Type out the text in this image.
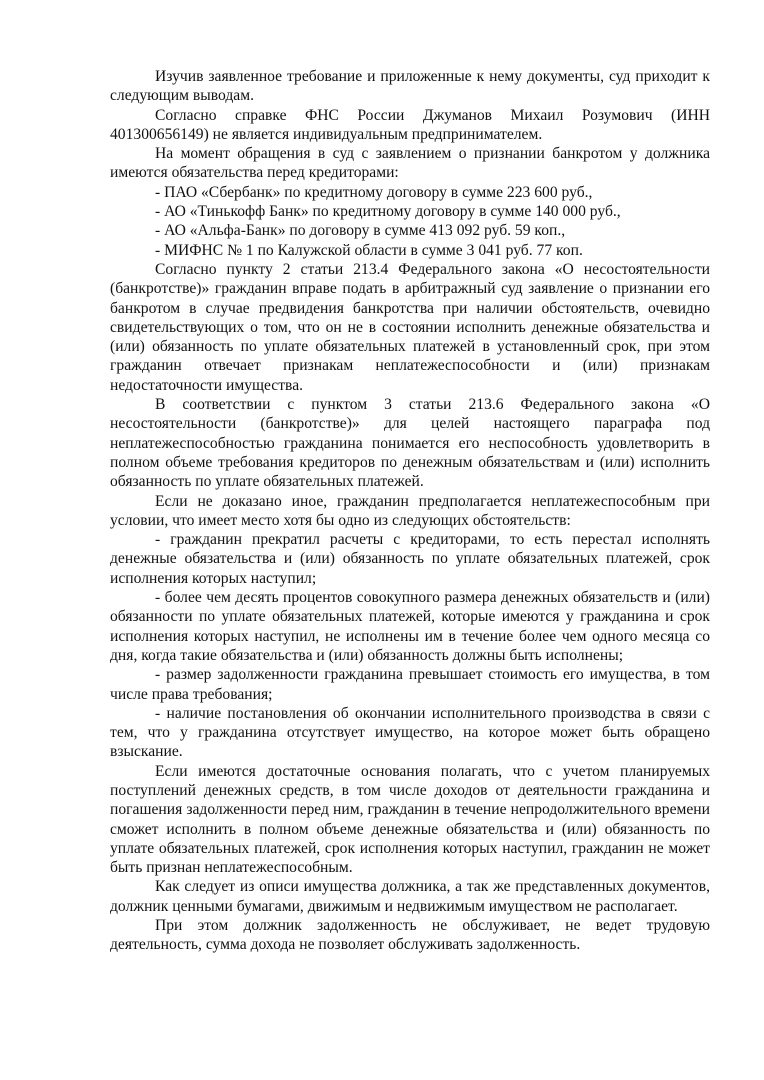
Изучив заявленное требование и приложенные к нему документы, суд приходит к следующим выводам.

Согласно справке ФНС России Джуманов Михаил Розумович (ИНН 401300656149) не является индивидуальным предпринимателем.

На момент обращения в суд с заявлением о признании банкротом у должника имеются обязательства перед кредиторами:

- ПАО «Сбербанк» по кредитному договору в сумме 223 600 руб.,

- АО «Тинькофф Банк» по кредитному договору в сумме 140 000 руб.,

- АО «Альфа-Банк» по договору в сумме 413 092 руб. 59 коп.,

- МИФНС № 1 по Калужской области в сумме 3 041 руб. 77 коп.

Согласно пункту 2 статьи 213.4 Федерального закона «О несостоятельности (банкротстве)» гражданин вправе подать в арбитражный суд заявление о признании его банкротом в случае предвидения банкротства при наличии обстоятельств, очевидно свидетельствующих о том, что он не в состоянии исполнить денежные обязательства и (или) обязанность по уплате обязательных платежей в установленный срок, при этом гражданин отвечает признакам неплатежеспособности и (или) признакам недостаточности имущества.

В соответствии с пунктом 3 статьи 213.6 Федерального закона «О несостоятельности (банкротстве)» для целей настоящего параграфа под неплатежеспособностью гражданина понимается его неспособность удовлетворить в полном объеме требования кредиторов по денежным обязательствам и (или) исполнить обязанность по уплате обязательных платежей.

Если не доказано иное, гражданин предполагается неплатежеспособным при условии, что имеет место хотя бы одно из следующих обстоятельств:

- гражданин прекратил расчеты с кредиторами, то есть перестал исполнять денежные обязательства и (или) обязанность по уплате обязательных платежей, срок исполнения которых наступил;

- более чем десять процентов совокупного размера денежных обязательств и (или) обязанности по уплате обязательных платежей, которые имеются у гражданина и срок исполнения которых наступил, не исполнены им в течение более чем одного месяца со дня, когда такие обязательства и (или) обязанность должны быть исполнены;

- размер задолженности гражданина превышает стоимость его имущества, в том числе права требования;

- наличие постановления об окончании исполнительного производства в связи с тем, что у гражданина отсутствует имущество, на которое может быть обращено взыскание.

Если имеются достаточные основания полагать, что с учетом планируемых поступлений денежных средств, в том числе доходов от деятельности гражданина и погашения задолженности перед ним, гражданин в течение непродолжительного времени сможет исполнить в полном объеме денежные обязательства и (или) обязанность по уплате обязательных платежей, срок исполнения которых наступил, гражданин не может быть признан неплатежеспособным.

Как следует из описи имущества должника, а так же представленных документов, должник ценными бумагами, движимым и недвижимым имуществом не располагает.

При этом должник задолженность не обслуживает, не ведет трудовую деятельность, сумма дохода не позволяет обслуживать задолженность.
